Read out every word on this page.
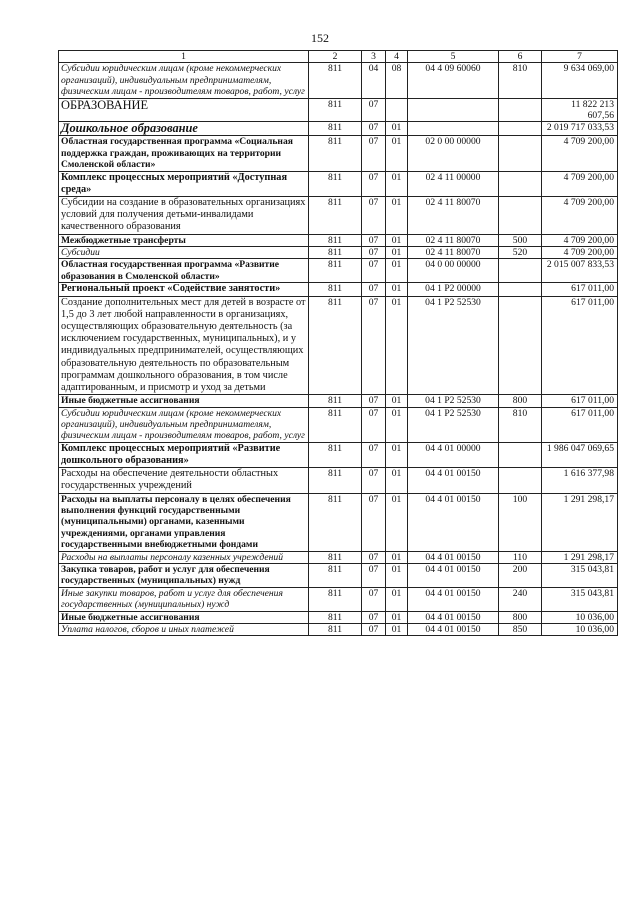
152
1	2	3	4	5	6	7
Субсидии юридическим лицам (кроме некоммерческих организаций), индивидуальным предпринимателям, физическим лицам - производителям товаров, работ, услуг	811	04	08	04 4 09 60060	810	9 634 069,00
ОБРАЗОВАНИЕ	811	07				11 822 213 607,56
Дошкольное образование	811	07	01			2 019 717 033,53
Областная государственная программа «Социальная поддержка граждан, проживающих на территории Смоленской области»	811	07	01	02 0 00 00000		4 709 200,00
Комплекс процессных мероприятий «Доступная среда»	811	07	01	02 4 11 00000		4 709 200,00
Субсидии на создание в образовательных организациях условий для получения детьми-инвалидами качественного образования	811	07	01	02 4 11 80070		4 709 200,00
Межбюджетные трансферты	811	07	01	02 4 11 80070	500	4 709 200,00
Субсидии	811	07	01	02 4 11 80070	520	4 709 200,00
Областная государственная программа «Развитие образования в Смоленской области»	811	07	01	04 0 00 00000		2 015 007 833,53
Региональный проект «Содействие занятости»	811	07	01	04 1 P2 00000		617 011,00
Создание дополнительных мест для детей в возрасте от 1,5 до 3 лет любой направленности в организациях, осуществляющих образовательную деятельность (за исключением государственных, муниципальных), и у индивидуальных предпринимателей, осуществляющих образовательную деятельность по образовательным программам дошкольного образования, в том числе адаптированным, и присмотр и уход за детьми	811	07	01	04 1 P2 52530		617 011,00
Иные бюджетные ассигнования	811	07	01	04 1 P2 52530	800	617 011,00
Субсидии юридическим лицам (кроме некоммерческих организаций), индивидуальным предпринимателям, физическим лицам - производителям товаров, работ, услуг	811	07	01	04 1 P2 52530	810	617 011,00
Комплекс процессных мероприятий «Развитие дошкольного образования»	811	07	01	04 4 01 00000		1 986 047 069,65
Расходы на обеспечение деятельности областных государственных учреждений	811	07	01	04 4 01 00150		1 616 377,98
Расходы на выплаты персоналу в целях обеспечения выполнения функций государственными (муниципальными) органами, казенными учреждениями, органами управления государственными внебюджетными фондами	811	07	01	04 4 01 00150	100	1 291 298,17
Расходы на выплаты персоналу казенных учреждений	811	07	01	04 4 01 00150	110	1 291 298,17
Закупка товаров, работ и услуг для обеспечения государственных (муниципальных) нужд	811	07	01	04 4 01 00150	200	315 043,81
Иные закупки товаров, работ и услуг для обеспечения государственных (муниципальных) нужд	811	07	01	04 4 01 00150	240	315 043,81
Иные бюджетные ассигнования	811	07	01	04 4 01 00150	800	10 036,00
Уплата налогов, сборов и иных платежей	811	07	01	04 4 01 00150	850	10 036,00
